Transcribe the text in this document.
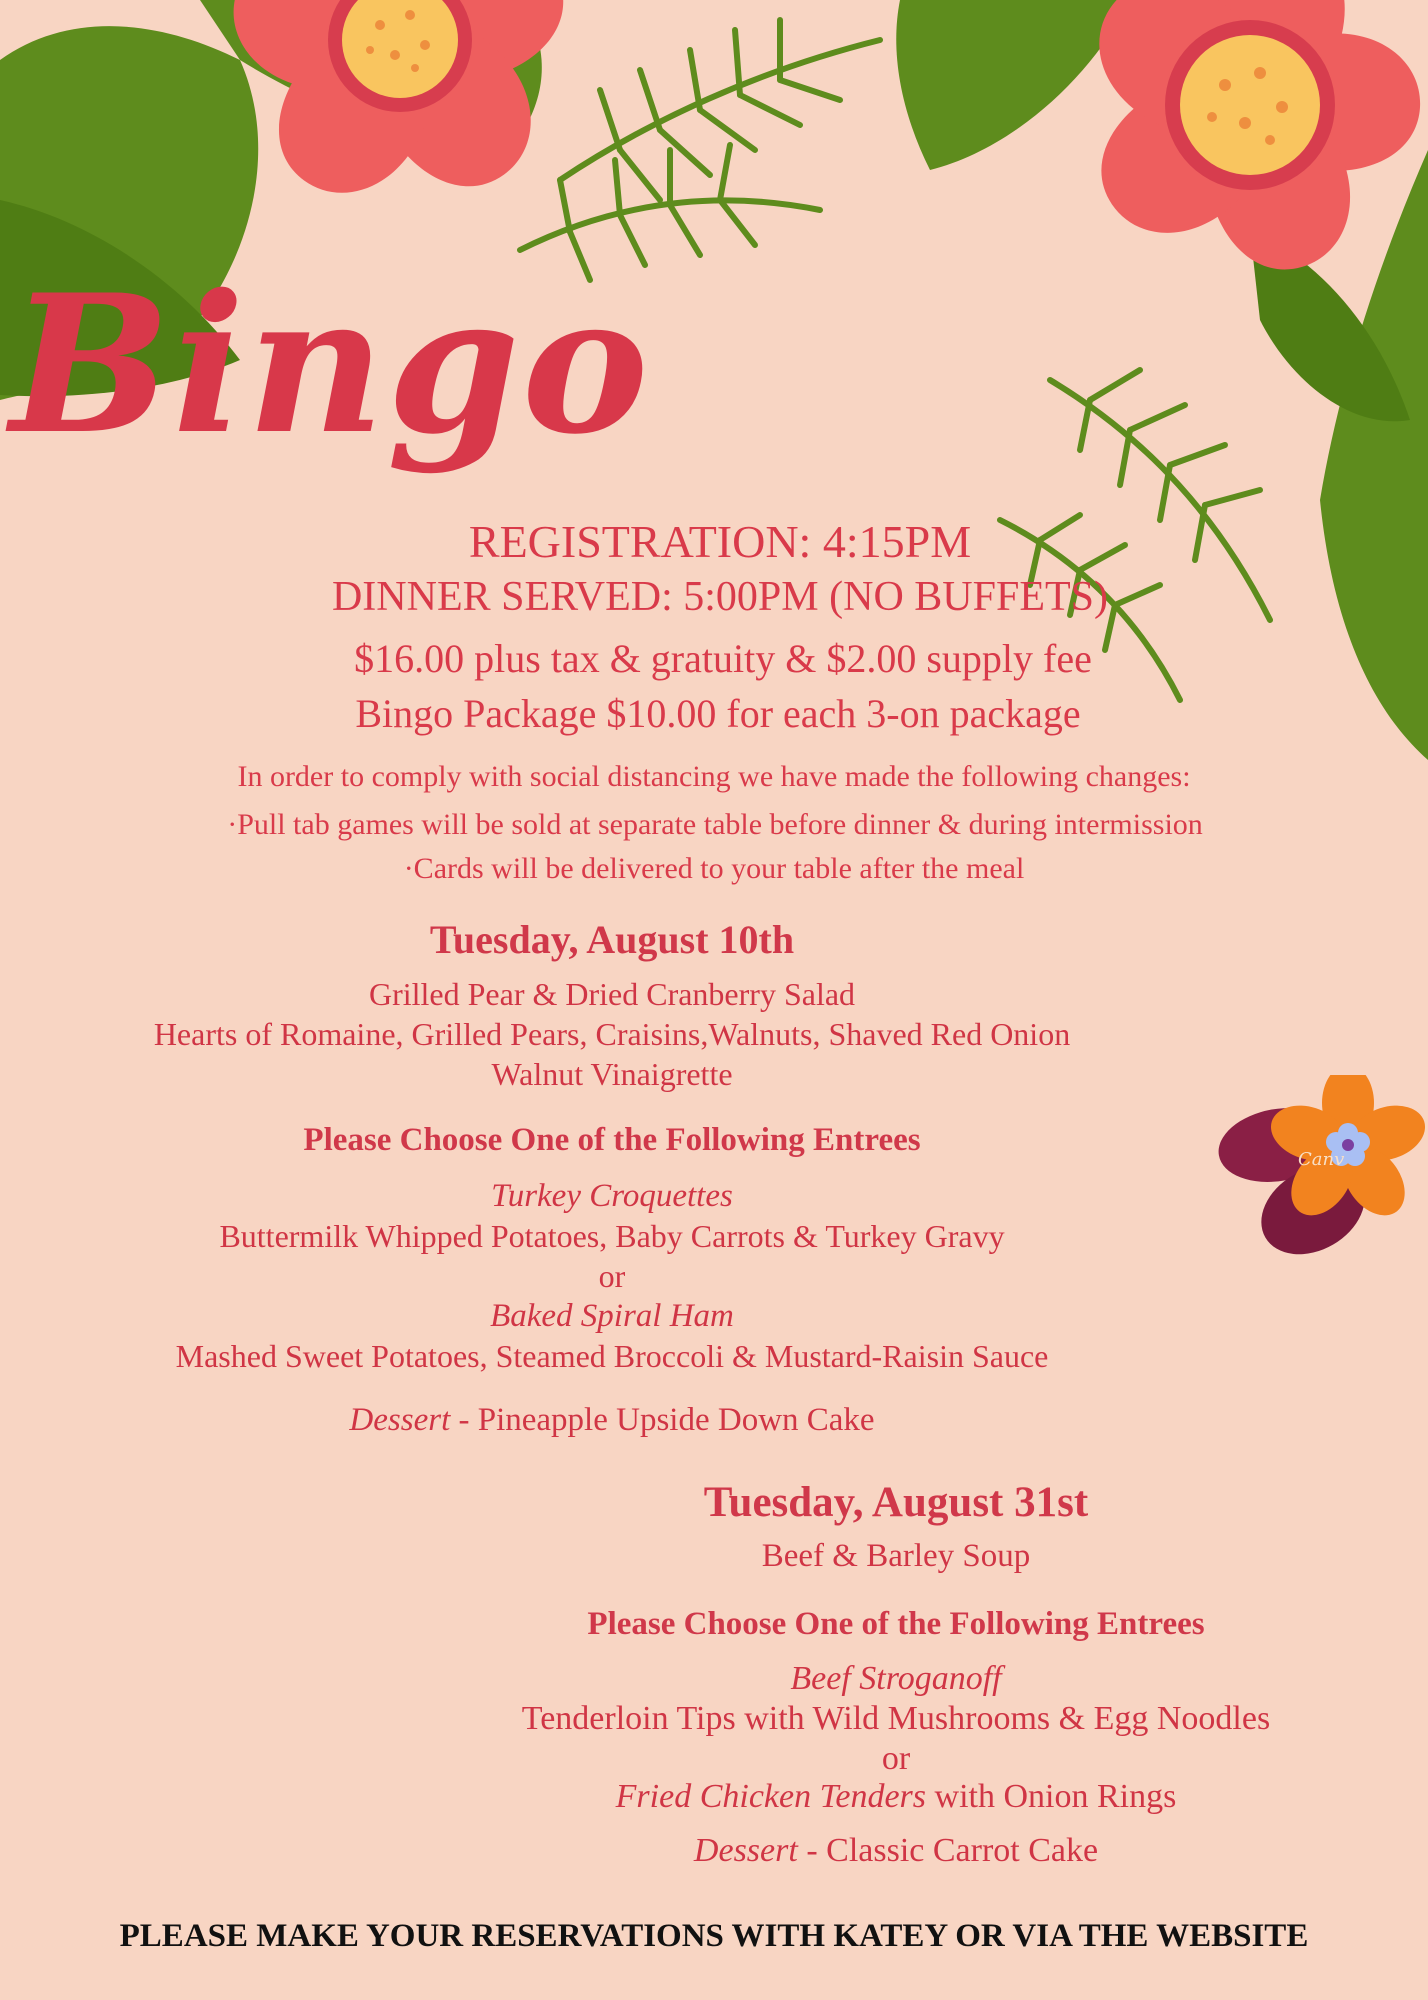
Bingo
REGISTRATION: 4:15PM
DINNER SERVED: 5:00PM (NO BUFFETS)
$16.00 plus tax & gratuity & $2.00 supply fee
Bingo Package $10.00 for each 3-on package
In order to comply with social distancing we have made the following changes:
·Pull tab games will be sold at separate table before dinner & during intermission
·Cards will be delivered to your table after the meal
Tuesday, August 10th
Grilled Pear & Dried Cranberry Salad
Hearts of Romaine, Grilled Pears, Craisins,Walnuts, Shaved Red Onion
Walnut Vinaigrette
Please Choose One of the Following Entrees
Turkey Croquettes
Buttermilk Whipped Potatoes, Baby Carrots & Turkey Gravy
or
Baked Spiral Ham
Mashed Sweet Potatoes, Steamed Broccoli & Mustard-Raisin Sauce
Dessert - Pineapple Upside Down Cake
Tuesday, August 31st
Beef & Barley Soup
Please Choose One of the Following Entrees
Beef Stroganoff
Tenderloin Tips with Wild Mushrooms & Egg Noodles
or
Fried Chicken Tenders with Onion Rings
Dessert - Classic Carrot Cake
Canv
PLEASE MAKE YOUR RESERVATIONS WITH KATEY OR VIA THE WEBSITE
